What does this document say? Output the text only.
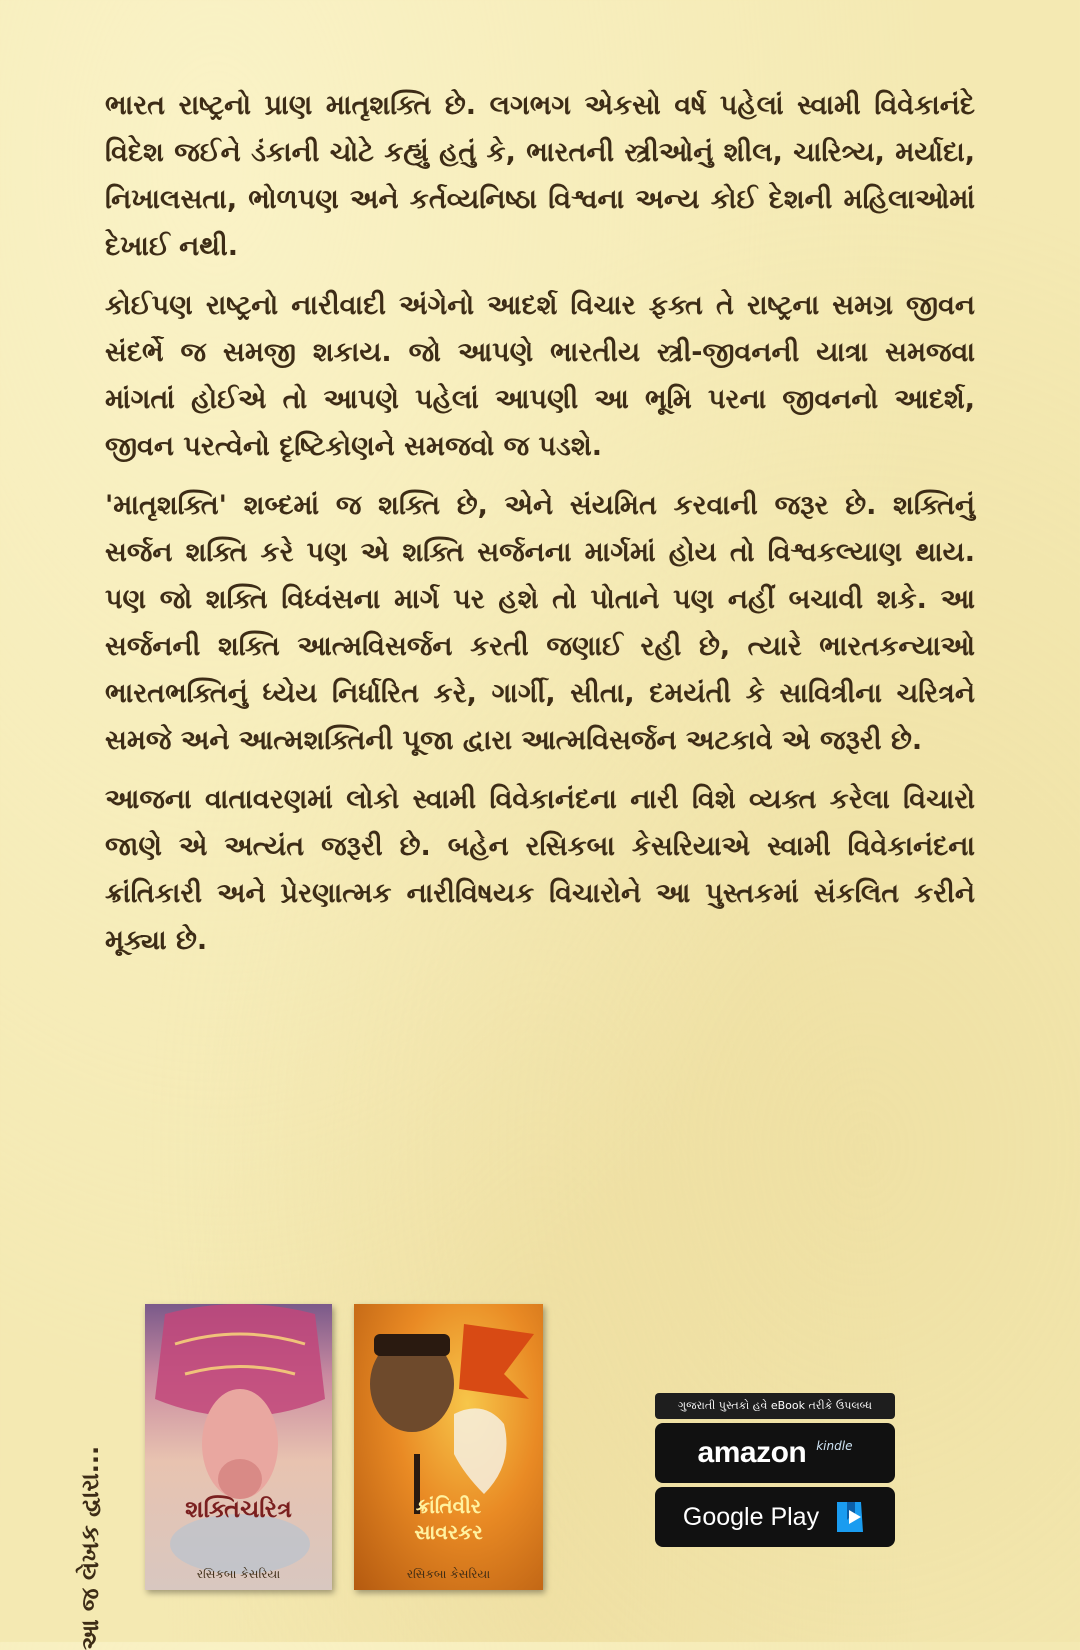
ભારત રાષ્ટ્રનો પ્રાણ માતૃશક્તિ છે. લગભગ એકસો વર્ષ પહેલાં સ્વામી વિવેકાનંદે વિદેશ જઈને ડંકાની ચોટે કહ્યું હતું કે, ભારતની સ્ત્રીઓનું શીલ, ચારિત્ર્ય, મર્યાદા, નિખાલસતા, ભોળપણ અને કર્તવ્યનિષ્ઠા વિશ્વના અન્ય કોઈ દેશની મહિલાઓમાં દેખાઈ નથી.

કોઈપણ રાષ્ટ્રનો નારીવાદી અંગેનો આદર્શ વિચાર ફક્ત તે રાષ્ટ્રના સમગ્ર જીવન સંદર્ભે જ સમજી શકાય. જો આપણે ભારતીય સ્ત્રી-જીવનની યાત્રા સમજવા માંગતાં હોઈએ તો આપણે પહેલાં આપણી આ ભૂમિ પરના જીવનનો આદર્શ, જીવન પરત્વેનો દૃષ્ટિકોણને સમજવો જ પડશે.

'માતૃશક્તિ' શબ્દમાં જ શક્તિ છે, એને સંયમિત કરવાની જરૂર છે. શક્તિનું સર્જન શક્તિ કરે પણ એ શક્તિ સર્જનના માર્ગમાં હોય તો વિશ્વકલ્યાણ થાય. પણ જો શક્તિ વિધ્વંસના માર્ગ પર હશે તો પોતાને પણ નહીં બચાવી શકે. આ સર્જનની શક્તિ આત્મવિસર્જન કરતી જણાઈ રહી છે, ત્યારે ભારતકન્યાઓ ભારતભક્તિનું ધ્યેય નિર્ધારિત કરે, ગાર્ગી, સીતા, દમયંતી કે સાવિત્રીના ચરિત્રને સમજે અને આત્મશક્તિની પૂજા દ્વારા આત્મવિસર્જન અટકાવે એ જરૂરી છે.

આજના વાતાવરણમાં લોકો સ્વામી વિવેકાનંદના નારી વિશે વ્યક્ત કરેલા વિચારો જાણે એ અત્યંત જરૂરી છે. બહેન રસિકબા કેસરિયાએ સ્વામી વિવેકાનંદના ક્રાંતિકારી અને પ્રેરણાત્મક નારીવિષયક વિચારોને આ પુસ્તકમાં સંકલિત કરીને મૂક્યા છે.

આ જ લેખક દ્વારા...	શક્તિચરિત્ર
રસિકબા કેસરિયા
ક્રાંતિવીર
સાવરકર
રસિકબા કેસરિયા
ગુજરાતી પુસ્તકો હવે eBook તરીકે ઉપલબ્ધ
amazon kindle
Google Play
